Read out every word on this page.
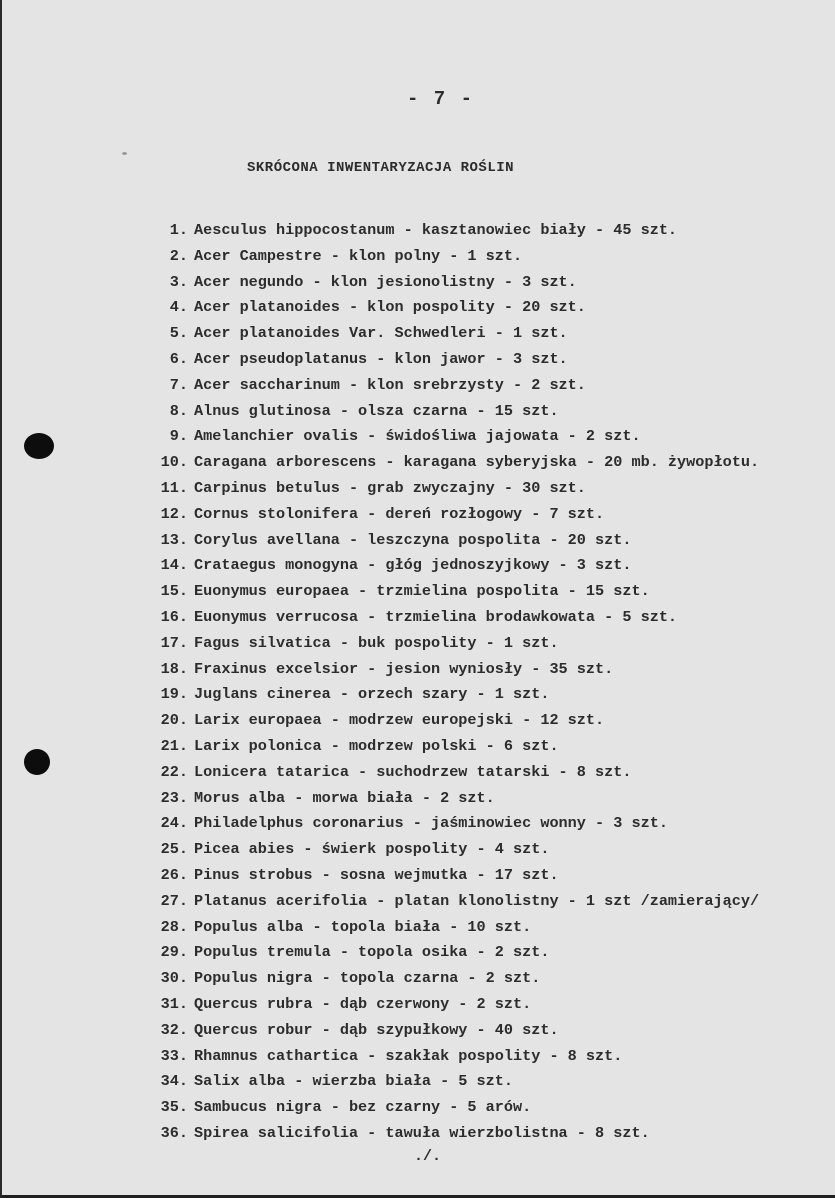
- 7 -
SKRÓCONA INWENTARYZACJA ROŚLIN
1. Aesculus hippocostanum - kasztanowiec biały - 45 szt.
2. Acer Campestre - klon polny - 1 szt.
3. Acer negundo - klon jesionolistny - 3 szt.
4. Acer platanoides - klon pospolity - 20 szt.
5. Acer platanoides Var. Schwedleri - 1 szt.
6. Acer pseudoplatanus - klon jawor - 3 szt.
7. Acer saccharinum - klon srebrzysty - 2 szt.
8. Alnus glutinosa - olsza czarna - 15 szt.
9. Amelanchier ovalis - świdośliwa jajowata - 2 szt.
10. Caragana arborescens - karagana syberyjska - 20 mb. żywopłotu.
11. Carpinus betulus - grab zwyczajny - 30 szt.
12. Cornus stolonifera - dereń rozłogowy - 7 szt.
13. Corylus avellana - leszczyna pospolita - 20 szt.
14. Crataegus monogyna - głóg jednoszyjkowy - 3 szt.
15. Euonymus europaea - trzmielina pospolita - 15 szt.
16. Euonymus verrucosa - trzmielina brodawkowata - 5 szt.
17. Fagus silvatica - buk pospolity - 1 szt.
18. Fraxinus excelsior - jesion wyniosły - 35 szt.
19. Juglans cinerea - orzech szary - 1 szt.
20. Larix europaea - modrzew europejski - 12 szt.
21. Larix polonica - modrzew polski - 6 szt.
22. Lonicera tatarica - suchodrzew tatarski - 8 szt.
23. Morus alba - morwa biała - 2 szt.
24. Philadelphus coronarius - jaśminowiec wonny - 3 szt.
25. Picea abies - świerk pospolity - 4 szt.
26. Pinus strobus - sosna wejmutka - 17 szt.
27. Platanus acerifolia - platan klonolistny - 1 szt /zamierający/
28. Populus alba - topola biała - 10 szt.
29. Populus tremula - topola osika - 2 szt.
30. Populus nigra - topola czarna - 2 szt.
31. Quercus rubra - dąb czerwony - 2 szt.
32. Quercus robur - dąb szypułkowy - 40 szt.
33. Rhamnus cathartica - szakłak pospolity - 8 szt.
34. Salix alba - wierzba biała - 5 szt.
35. Sambucus nigra - bez czarny - 5 arów.
36. Spirea salicifolia - tawuła wierzbolistna - 8 szt.
./.
